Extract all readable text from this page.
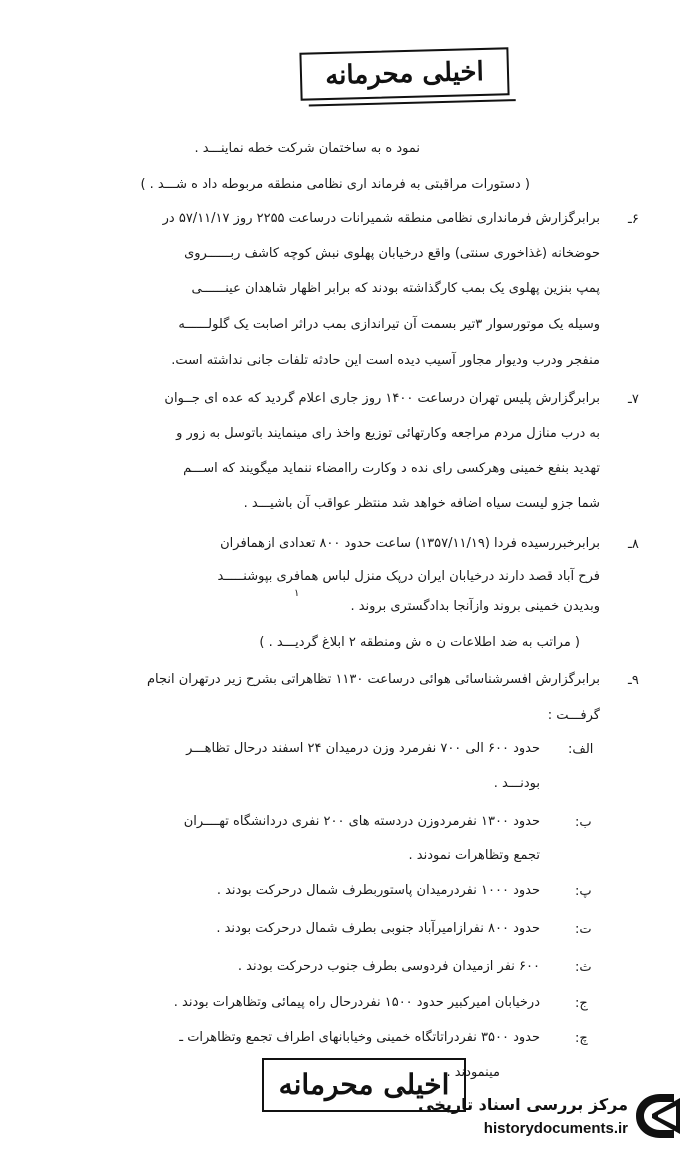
اخیلی محرمانه
نمود ه به ساختمان شرکت خطه نماینـــد .
( دستورات مراقبتی به فرماند اری نظامی منطقه مربوطه داد ه شـــد . )
۶ـ
برابرگزارش فرمانداری نظامی منطقه شمیرانات درساعت ۲۲۵۵ روز ۵۷/۱۱/۱۷ در
حوضخانه (غذاخوری سنتی) واقع درخیابان پهلوی نبش کوچه کاشف ربــــــروی
پمپ بنزین پهلوی یک بمب کارگذاشته بودند که برابر اظهار شاهدان عینــــــی
وسیله یک موتورسوار ۳تیر بسمت آن تیراندازی بمب دراثر اصابت یک گلولــــــه
منفجر ودرب ودیوار مجاور آسیب دیده است این حادثه تلفات جانی نداشته است.
۷ـ
برابرگزارش پلیس تهران درساعت ۱۴۰۰ روز جاری اعلام گردید که عده ای جــوان
به درب منازل مردم مراجعه وکارتهائی توزیع واخذ رای مینمایند باتوسل به زور و
تهدید بنفع خمینی وهرکسی رای نده د وکارت راامضاء ننماید میگویند که اســـم
شما جزو لیست سیاه اضافه خواهد شد منتظر عواقب آن باشیـــد .
۸ـ
برابرخبررسیده فردا (۱۳۵۷/۱۱/۱۹) ساعت حدود ۸۰۰ تعدادی ازهمافران
فرح آباد قصد دارند درخیابان ایران درپک منزل لباس همافری بپوشنـــــد
۱
وبدیدن خمینی بروند وازآنجا بدادگستری بروند .
( مراتب به ضد اطلاعات ن ه ش ومنطقه ۲ ابلاغ گردیـــد . )
۹ـ
برابرگزارش افسرشناسائی هوائی درساعت ۱۱۳۰ تظاهراتی بشرح زیر درتهران انجام
گرفـــت :
الف:
حدود ۶۰۰ الی ۷۰۰ نفرمرد وزن درمیدان ۲۴ اسفند درحال تظاهـــر
بودنـــد .
ب:
حدود ۱۳۰۰ نفرمردوزن دردسته های ۲۰۰ نفری دردانشگاه تهــــران
تجمع وتظاهرات نمودند .
پ:
حدود ۱۰۰۰ نفردرمیدان پاستوربطرف شمال درحرکت بودند .
ت:
حدود ۸۰۰ نفرازامیرآباد جنوبی بطرف شمال درحرکت بودند .
ث:
۶۰۰ نفر ازمیدان فردوسی بطرف جنوب درحرکت بودند .
ج:
درخیابان امیرکبیر حدود ۱۵۰۰ نفردرحال راه پیمائی وتظاهرات بودند .
چ:
حدود ۳۵۰۰ نفردراتاتگاه خمینی وخیابانهای اطراف تجمع وتظاهرات ـ
مینمودند .
اخیلی محرمانه
مرکز بررسی اسناد تاریخی
historydocuments.ir
